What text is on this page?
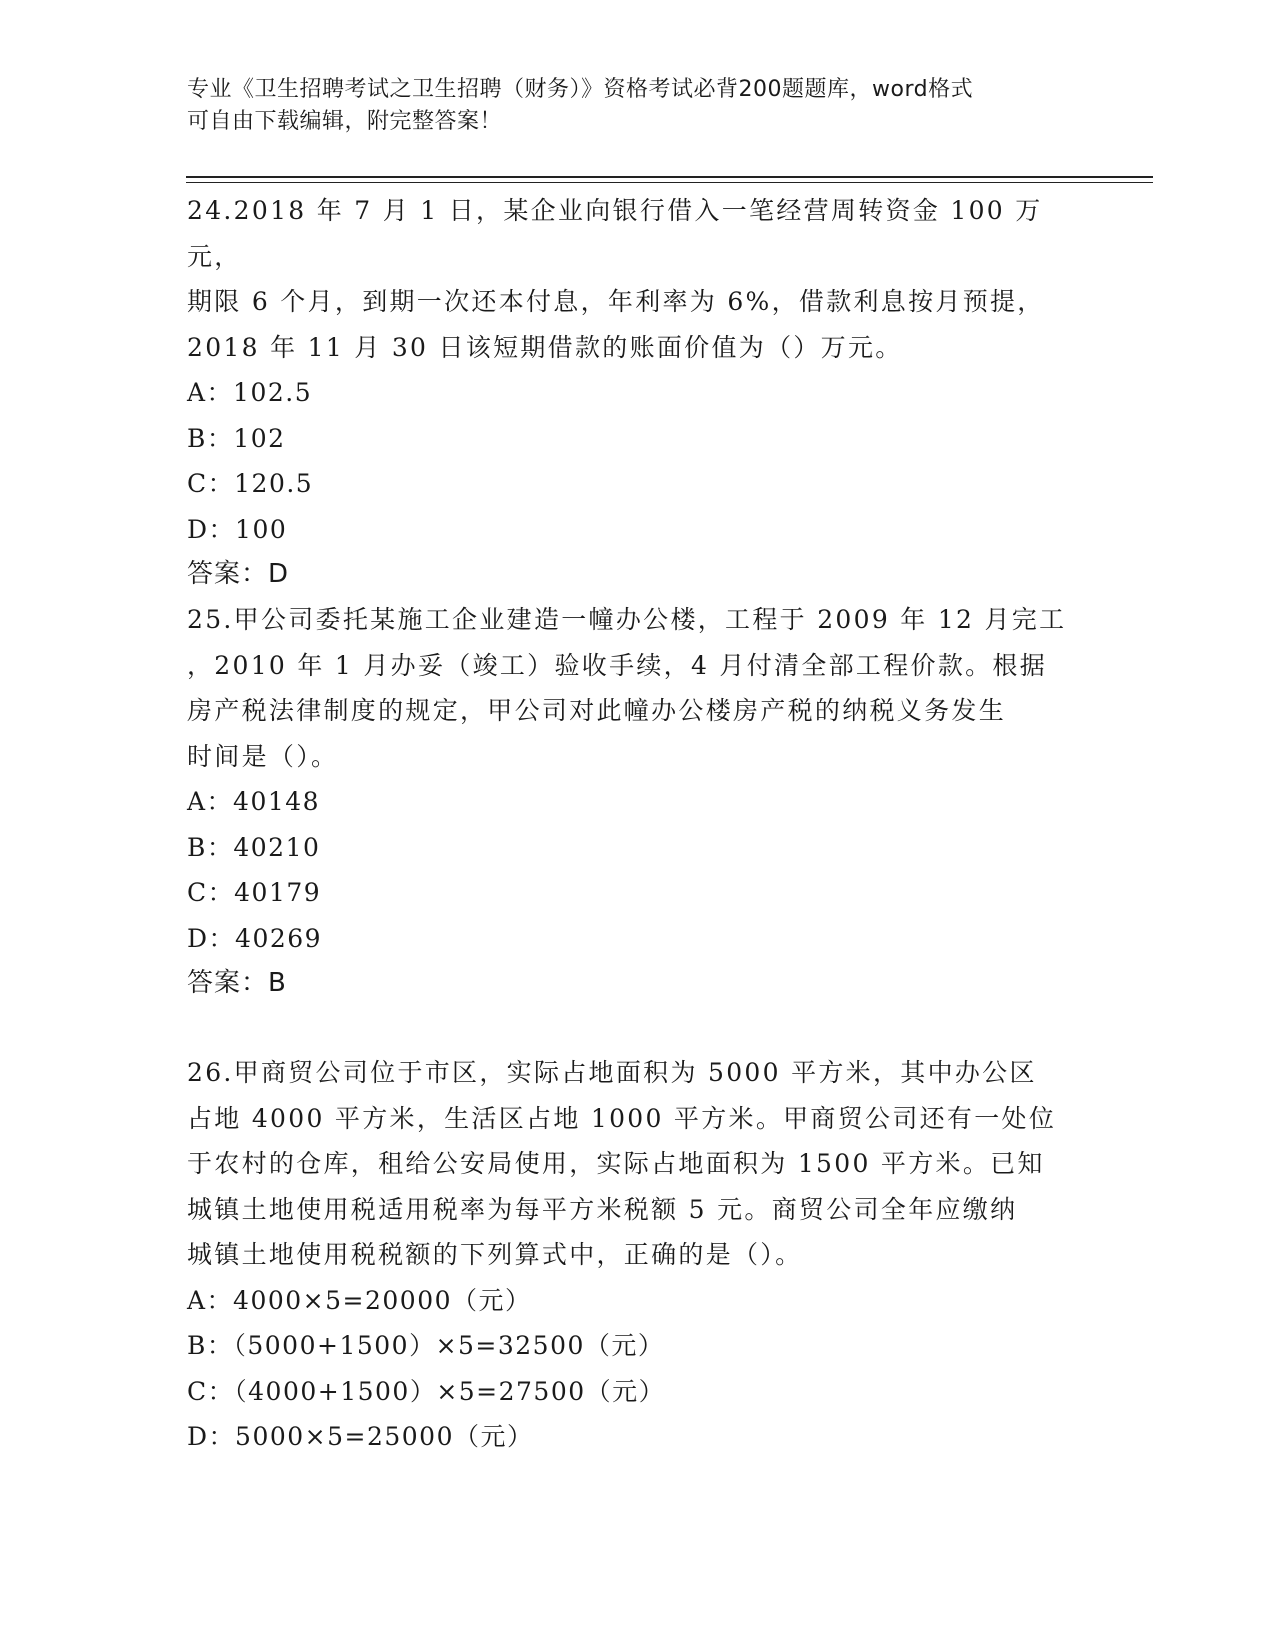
专业《卫生招聘考试之卫生招聘（财务）》资格考试必背200题题库，word格式
可自由下载编辑，附完整答案！

24.2018 年 7 月 1 日，某企业向银行借入一笔经营周转资金 100 万元，

期限 6 个月，到期一次还本付息，年利率为 6%，借款利息按月预提，

2018 年 11 月 30 日该短期借款的账面价值为（）万元。

A：102.5

B：102

C：120.5

D：100

答案：D

25.甲公司委托某施工企业建造一幢办公楼，工程于 2009 年 12 月完工

，2010 年 1 月办妥（竣工）验收手续，4 月付清全部工程价款。根据

房产税法律制度的规定，甲公司对此幢办公楼房产税的纳税义务发生

时间是（）。

A：40148

B：40210

C：40179

D：40269

答案：B

26.甲商贸公司位于市区，实际占地面积为 5000 平方米，其中办公区

占地 4000 平方米，生活区占地 1000 平方米。甲商贸公司还有一处位

于农村的仓库，租给公安局使用，实际占地面积为 1500 平方米。已知

城镇土地使用税适用税率为每平方米税额 5 元。商贸公司全年应缴纳

城镇土地使用税税额的下列算式中，正确的是（）。

A：4000×5=20000（元）

B：（5000+1500）×5=32500（元）

C：（4000+1500）×5=27500（元）

D：5000×5=25000（元）
